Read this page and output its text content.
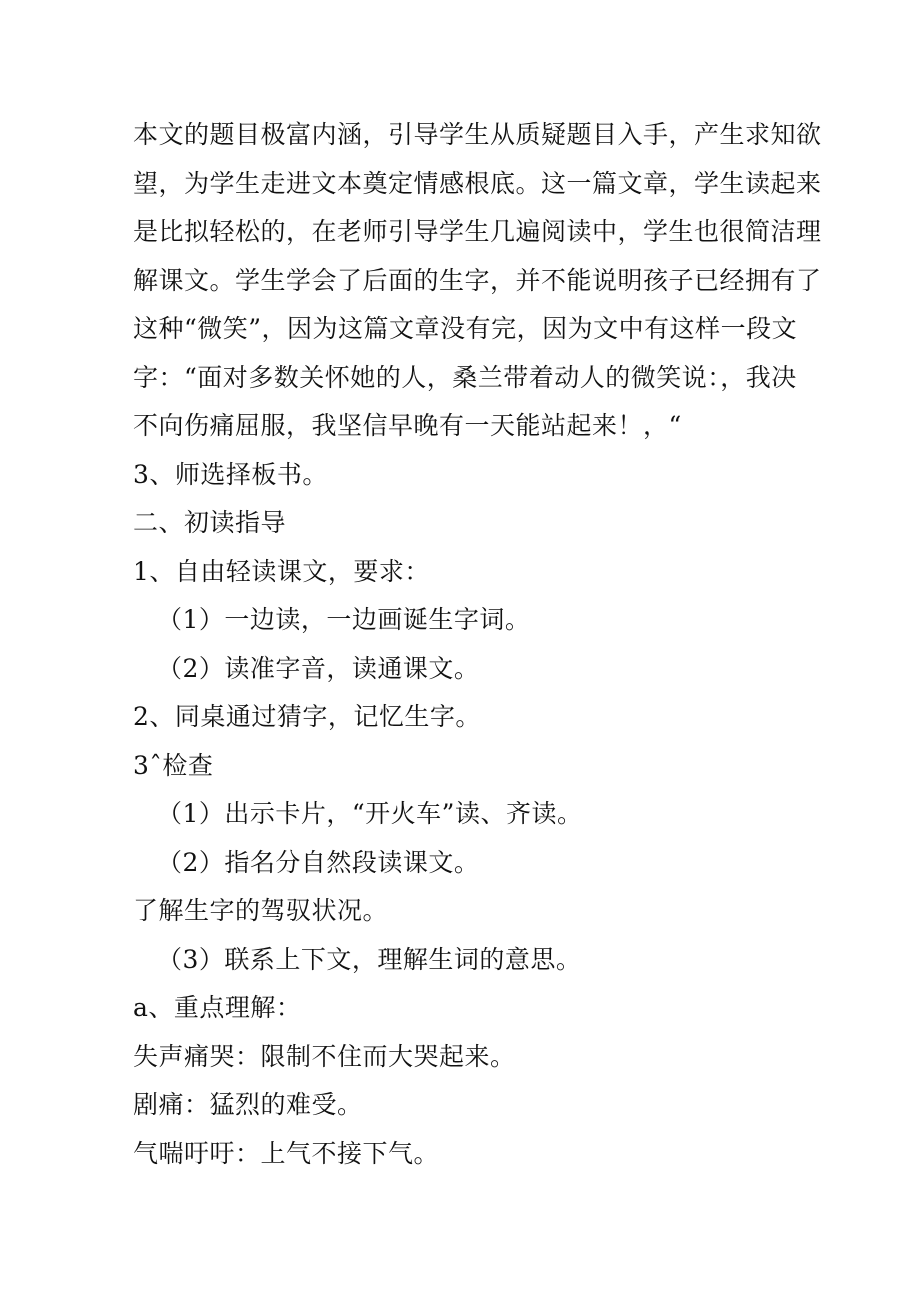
本文的题目极富内涵，引导学生从质疑题目入手，产生求知欲
望，为学生走进文本奠定情感根底。这一篇文章，学生读起来
是比拟轻松的，在老师引导学生几遍阅读中，学生也很简洁理
解课文。学生学会了后面的生字，并不能说明孩子已经拥有了
这种“微笑”，因为这篇文章没有完，因为文中有这样一段文
字：“面对多数关怀她的人，桑兰带着动人的微笑说：，我决
不向伤痛屈服，我坚信早晚有一天能站起来！，“
3、师选择板书。
二、初读指导
1、自由轻读课文，要求：
（1）一边读，一边画诞生字词。
（2）读准字音，读通课文。
2、同桌通过猜字，记忆生字。
3ˆ检查
（1）出示卡片，“开火车”读、齐读。
（2）指名分自然段读课文。
了解生字的驾驭状况。
（3）联系上下文，理解生词的意思。
a、重点理解：
失声痛哭：限制不住而大哭起来。
剧痛：猛烈的难受。
气喘吁吁：上气不接下气。
